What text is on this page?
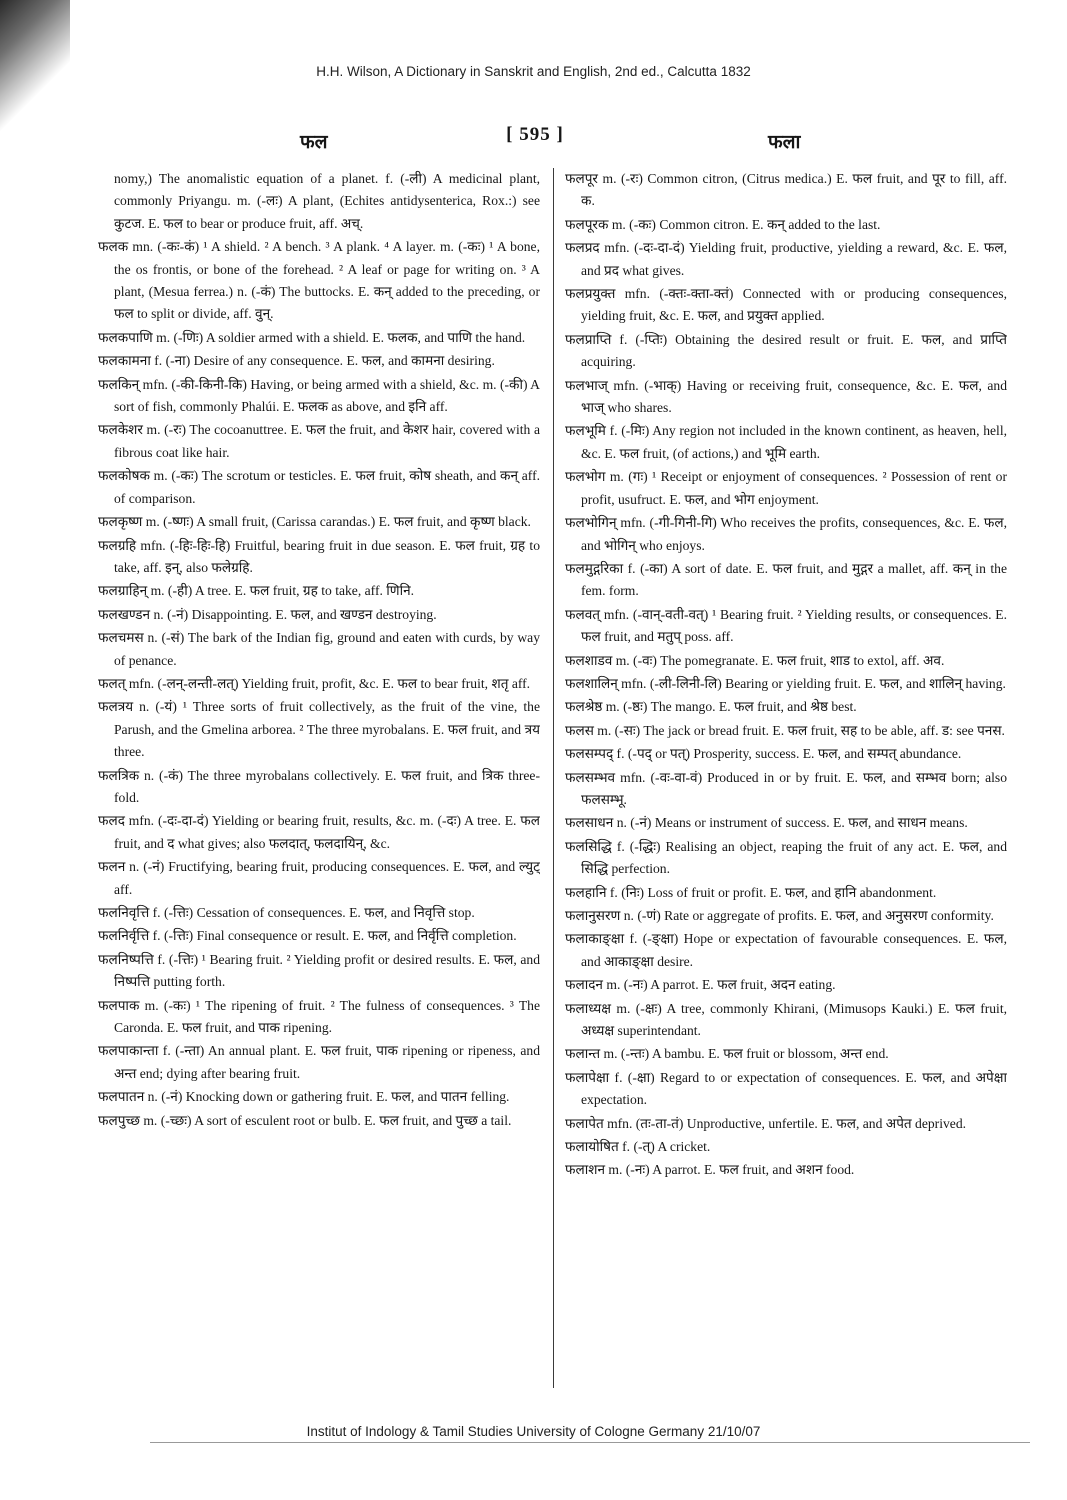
H.H. Wilson, A Dictionary in Sanskrit and English, 2nd ed., Calcutta 1832
फल	[ 595 ]	फला

nomy,) The anomalistic equation of a planet. f. (-ली) A medicinal plant, commonly Priyangu. m. (-लः) A plant, (Echites antidysenterica, Rox.:) see कुटज. E. फल to bear or produce fruit, aff. अच्.

फलक mn. (-कः-कं) ¹ A shield. ² A bench. ³ A plank. ⁴ A layer. m. (-कः) ¹ A bone, the os frontis, or bone of the forehead. ² A leaf or page for writing on. ³ A plant, (Mesua ferrea.) n. (-कं) The buttocks. E. कन् added to the preceding, or फल to split or divide, aff. वुन्.

फलकपाणि m. (-णिः) A soldier armed with a shield. E. फलक, and पाणि the hand.

फलकामना f. (-ना) Desire of any consequence. E. फल, and कामना desiring.

फलकिन् mfn. (-की-किनी-कि) Having, or being armed with a shield, &c. m. (-की) A sort of fish, commonly Phalúi. E. फलक as above, and इनि aff.

फलकेशर m. (-रः) The cocoanuttree. E. फल the fruit, and केशर hair, covered with a fibrous coat like hair.

फलकोषक m. (-कः) The scrotum or testicles. E. फल fruit, कोष sheath, and कन् aff. of comparison.

फलकृष्ण m. (-ष्णः) A small fruit, (Carissa carandas.) E. फल fruit, and कृष्ण black.

फलग्रहि mfn. (-हिः-हिः-हि) Fruitful, bearing fruit in due season. E. फल fruit, ग्रह to take, aff. इन्, also फलेग्रहि.

फलग्राहिन् m. (-ही) A tree. E. फल fruit, ग्रह to take, aff. णिनि.

फलखण्डन n. (-नं) Disappointing. E. फल, and खण्डन destroying.

फलचमस n. (-सं) The bark of the Indian fig, ground and eaten with curds, by way of penance.

फलत् mfn. (-लन्-लन्ती-लत्) Yielding fruit, profit, &c. E. फल to bear fruit, शतृ aff.

फलत्रय n. (-यं) ¹ Three sorts of fruit collectively, as the fruit of the vine, the Parush, and the Gmelina arborea. ² The three myrobalans. E. फल fruit, and त्रय three.

फलत्रिक n. (-कं) The three myrobalans collectively. E. फल fruit, and त्रिक three-fold.

फलद mfn. (-दः-दा-दं) Yielding or bearing fruit, results, &c. m. (-दः) A tree. E. फल fruit, and द what gives; also फलदात्, फलदायिन्, &c.

फलन n. (-नं) Fructifying, bearing fruit, producing consequences. E. फल, and ल्युट् aff.

फलनिवृत्ति f. (-त्तिः) Cessation of consequences. E. फल, and निवृत्ति stop.

फलनिर्वृत्ति f. (-त्तिः) Final consequence or result. E. फल, and निर्वृत्ति completion.

फलनिष्पत्ति f. (-त्तिः) ¹ Bearing fruit. ² Yielding profit or desired results. E. फल, and निष्पत्ति putting forth.

फलपाक m. (-कः) ¹ The ripening of fruit. ² The fulness of consequences. ³ The Caronda. E. फल fruit, and पाक ripening.

फलपाकान्ता f. (-न्ता) An annual plant. E. फल fruit, पाक ripening or ripeness, and अन्त end; dying after bearing fruit.

फलपातन n. (-नं) Knocking down or gathering fruit. E. फल, and पातन felling.

फलपुच्छ m. (-च्छः) A sort of esculent root or bulb. E. फल fruit, and पुच्छ a tail.

फलपूर m. (-रः) Common citron, (Citrus medica.) E. फल fruit, and पूर to fill, aff. क.

फलपूरक m. (-कः) Common citron. E. कन् added to the last.

फलप्रद mfn. (-दः-दा-दं) Yielding fruit, productive, yielding a reward, &c. E. फल, and प्रद what gives.

फलप्रयुक्त mfn. (-क्तः-क्ता-क्तं) Connected with or producing consequences, yielding fruit, &c. E. फल, and प्रयुक्त applied.

फलप्राप्ति f. (-प्तिः) Obtaining the desired result or fruit. E. फल, and प्राप्ति acquiring.

फलभाज् mfn. (-भाक्) Having or receiving fruit, consequence, &c. E. फल, and भाज् who shares.

फलभूमि f. (-मिः) Any region not included in the known continent, as heaven, hell, &c. E. फल fruit, (of actions,) and भूमि earth.

फलभोग m. (गः) ¹ Receipt or enjoyment of consequences. ² Possession of rent or profit, usufruct. E. फल, and भोग enjoyment.

फलभोगिन् mfn. (-गी-गिनी-गि) Who receives the profits, consequences, &c. E. फल, and भोगिन् who enjoys.

फलमुद्गरिका f. (-का) A sort of date. E. फल fruit, and मुद्गर a mallet, aff. कन् in the fem. form.

फलवत् mfn. (-वान्-वती-वत्) ¹ Bearing fruit. ² Yielding results, or consequences. E. फल fruit, and मतुप् poss. aff.

फलशाडव m. (-वः) The pomegranate. E. फल fruit, शाड to extol, aff. अव.

फलशालिन् mfn. (-ली-लिनी-लि) Bearing or yielding fruit. E. फल, and शालिन् having.

फलश्रेष्ठ m. (-ष्ठः) The mango. E. फल fruit, and श्रेष्ठ best.

फलस m. (-सः) The jack or bread fruit. E. फल fruit, सह to be able, aff. ड: see पनस.

फलसम्पद् f. (-पद् or पत्) Prosperity, success. E. फल, and सम्पत् abundance.

फलसम्भव mfn. (-वः-वा-वं) Produced in or by fruit. E. फल, and सम्भव born; also फलसम्भू.

फलसाधन n. (-नं) Means or instrument of success. E. फल, and साधन means.

फलसिद्धि f. (-द्धिः) Realising an object, reaping the fruit of any act. E. फल, and सिद्धि perfection.

फलहानि f. (निः) Loss of fruit or profit. E. फल, and हानि abandonment.

फलानुसरण n. (-णं) Rate or aggregate of profits. E. फल, and अनुसरण conformity.

फलाकाङ्क्षा f. (-ङ्क्षा) Hope or expectation of favourable consequences. E. फल, and आकाङ्क्षा desire.

फलादन m. (-नः) A parrot. E. फल fruit, अदन eating.

फलाध्यक्ष m. (-क्षः) A tree, commonly Khirani, (Mimusops Kauki.) E. फल fruit, अध्यक्ष superintendant.

फलान्त m. (-न्तः) A bambu. E. फल fruit or blossom, अन्त end.

फलापेक्षा f. (-क्षा) Regard to or expectation of consequences. E. फल, and अपेक्षा expectation.

फलापेत mfn. (तः-ता-तं) Unproductive, unfertile. E. फल, and अपेत deprived.

फलायोषित f. (-त्) A cricket.

फलाशन m. (-नः) A parrot. E. फल fruit, and अशन food.

Institut of Indology & Tamil Studies University of Cologne Germany 21/10/07
